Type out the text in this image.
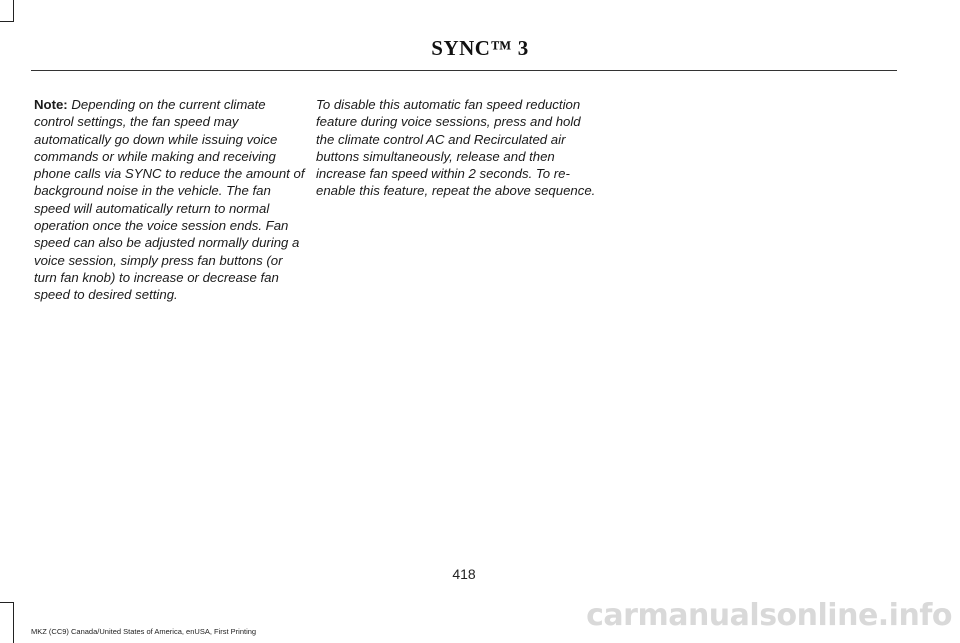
SYNC™ 3
Note: Depending on the current climate control settings, the fan speed may automatically go down while issuing voice commands or while making and receiving phone calls via SYNC to reduce the amount of background noise in the vehicle. The fan speed will automatically return to normal operation once the voice session ends. Fan speed can also be adjusted normally during a voice session, simply press fan buttons (or turn fan knob) to increase or decrease fan speed to desired setting.
To disable this automatic fan speed reduction feature during voice sessions, press and hold the climate control AC and Recirculated air buttons simultaneously, release and then increase fan speed within 2 seconds. To re-enable this feature, repeat the above sequence.
418
MKZ (CC9) Canada/United States of America, enUSA, First Printing	carmanualsonline.info
